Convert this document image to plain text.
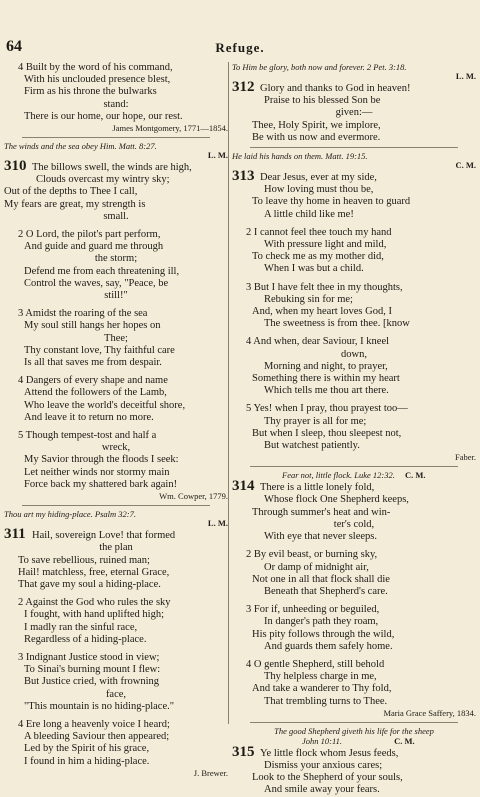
64	Refuge.
4 Built by the word of his command,
With his unclouded presence blest,
Firm as his throne the bulwarks
stand:
There is our home, our hope, our rest.
James Montgomery, 1771—1854.
The winds and the sea obey Him. Matt. 8:27.
L. M.
310 The billows swell, the winds are high,
Clouds overcast my wintry sky;
Out of the depths to Thee I call,
My fears are great, my strength is
small.
2 O Lord, the pilot's part perform,
And guide and guard me through
the storm;
Defend me from each threatening ill,
Control the waves, say, "Peace, be
still!"
3 Amidst the roaring of the sea
My soul still hangs her hopes on
Thee;
Thy constant love, Thy faithful care
Is all that saves me from despair.
4 Dangers of every shape and name
Attend the followers of the Lamb,
Who leave the world's deceitful shore,
And leave it to return no more.
5 Though tempest-tost and half a
wreck,
My Savior through the floods I seek:
Let neither winds nor stormy main
Force back my shattered bark again!
Wm. Cowper, 1779.
Thou art my hiding-place. Psalm 32:7.
L. M.
311 Hail, sovereign Love! that formed
the plan
To save rebellious, ruined man;
Hail! matchless, free, eternal Grace,
That gave my soul a hiding-place.
2 Against the God who rules the sky
I fought, with hand uplifted high;
I madly ran the sinful race,
Regardless of a hiding-place.
3 Indignant Justice stood in view;
To Sinai's burning mount I flew:
But Justice cried, with frowning
face,
"This mountain is no hiding-place."
4 Ere long a heavenly voice I heard;
A bleeding Saviour then appeared;
Led by the Spirit of his grace,
I found in him a hiding-place.
J. Brewer.
To Him be glory, both now and forever. 2 Pet. 3:18.
L. M.
312 Glory and thanks to God in heaven!
Praise to his blessed Son be
given:—
Thee, Holy Spirit, we implore,
Be with us now and evermore.
He laid his hands on them. Matt. 19:15.
C. M.
313 Dear Jesus, ever at my side,
How loving must thou be,
To leave thy home in heaven to guard
A little child like me!
2 I cannot feel thee touch my hand
With pressure light and mild,
To check me as my mother did,
When I was but a child.
3 But I have felt thee in my thoughts,
Rebuking sin for me;
And, when my heart loves God, I
The sweetness is from thee. [know
4 And when, dear Saviour, I kneel
down,
Morning and night, to prayer,
Something there is within my heart
Which tells me thou art there.
5 Yes! when I pray, thou prayest too—
Thy prayer is all for me;
But when I sleep, thou sleepest not,
But watchest patiently.
Faber.
Fear not, little flock. Luke 12:32. C. M.
314 There is a little lonely fold,
Whose flock One Shepherd keeps,
Through summer's heat and win-
ter's cold,
With eye that never sleeps.
2 By evil beast, or burning sky,
Or damp of midnight air,
Not one in all that flock shall die
Beneath that Shepherd's care.
3 For if, unheeding or beguiled,
In danger's path they roam,
His pity follows through the wild,
And guards them safely home.
4 O gentle Shepherd, still behold
Thy helpless charge in me,
And take a wanderer to Thy fold,
That trembling turns to Thee.
Maria Grace Saffery, 1834.
The good Shepherd giveth his life for the sheep
John 10:11.	C. M.
315 Ye little flock whom Jesus feeds,
Dismiss your anxious cares;
Look to the Shepherd of your souls,
And smile away your fears.
